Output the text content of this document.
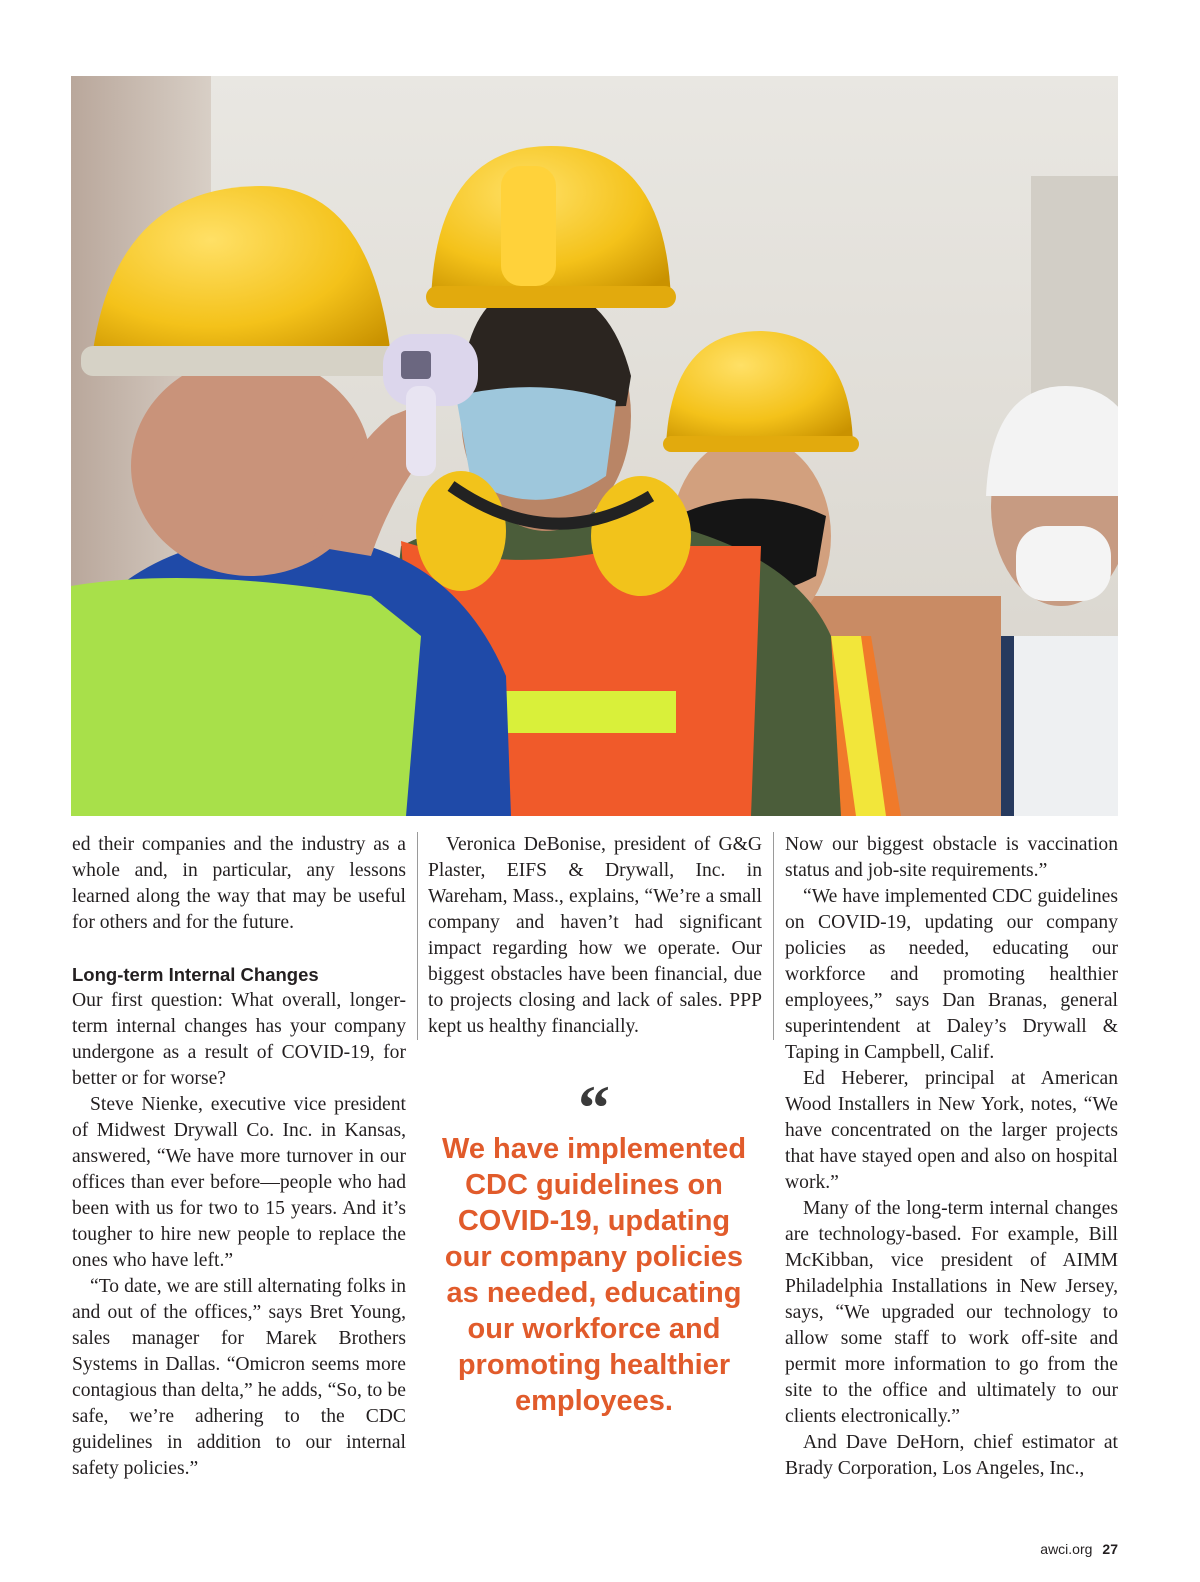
ed their companies and the industry as a whole and, in particular, any lessons learned along the way that may be useful for others and for the future.

Long-term Internal Changes

Our first question: What overall, longer-term internal changes has your company undergone as a result of COVID-19, for better or for worse?

Steve Nienke, executive vice president of Midwest Drywall Co. Inc. in Kansas, answered, “We have more turnover in our offices than ever before—people who had been with us for two to 15 years. And it’s tougher to hire new people to replace the ones who have left.”

“To date, we are still alternating folks in and out of the offices,” says Bret Young, sales manager for Marek Brothers Systems in Dallas. “Omicron seems more contagious than delta,” he adds, “So, to be safe, we’re adhering to the CDC guidelines in addition to our internal safety policies.”

Veronica DeBonise, president of G&G Plaster, EIFS & Drywall, Inc. in Wareham, Mass., explains, “We’re a small company and haven’t had significant impact regarding how we operate. Our biggest obstacles have been financial, due to projects closing and lack of sales. PPP kept us healthy financially.

“
We have implemented CDC guidelines on COVID-19, updating our company policies as needed, educating our workforce and promoting healthier employees.

Now our biggest obstacle is vaccination status and job-site requirements.”

“We have implemented CDC guidelines on COVID-19, updating our company policies as needed, educating our workforce and promoting healthier employees,” says Dan Branas, general superintendent at Daley’s Drywall & Taping in Campbell, Calif.

Ed Heberer, principal at American Wood Installers in New York, notes, “We have concentrated on the larger projects that have stayed open and also on hospital work.”

Many of the long-term internal changes are technology-based. For example, Bill McKibban, vice president of AIMM Philadelphia Installations in New Jersey, says, “We upgraded our technology to allow some staff to work off-site and permit more information to go from the site to the office and ultimately to our clients electronically.”

And Dave DeHorn, chief estimator at Brady Corporation, Los Angeles, Inc.,

awci.org 27
